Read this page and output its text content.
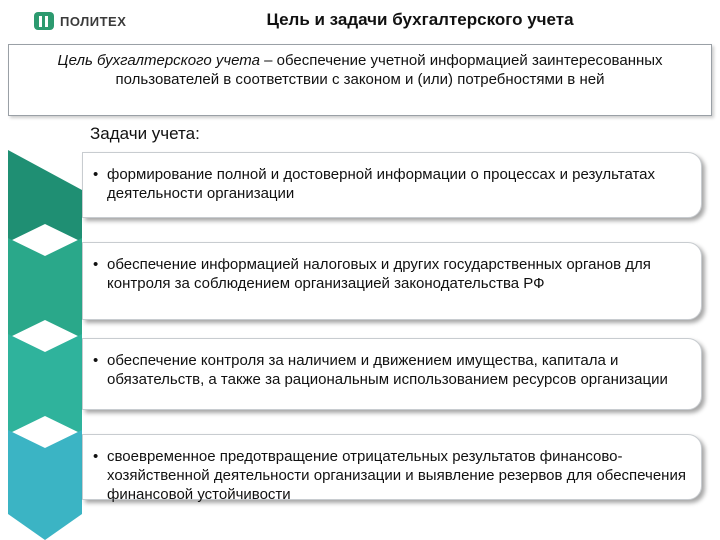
ПОЛИТЕХ	Цель и задачи бухгалтерского учета
Цель бухгалтерского учета – обеспечение учетной информацией заинтересованных пользователей в соответствии с законом и (или) потребностями в ней
Задачи учета:
• формирование полной и достоверной информации о процессах и результатах деятельности организации
• обеспечение информацией налоговых и других государственных органов для контроля за соблюдением организацией законодательства РФ
• обеспечение контроля за наличием и движением имущества, капитала и обязательств, а также за рациональным использованием ресурсов организации
• своевременное предотвращение отрицательных результатов финансово-хозяйственной деятельности организации и выявление резервов для обеспечения финансовой устойчивости
